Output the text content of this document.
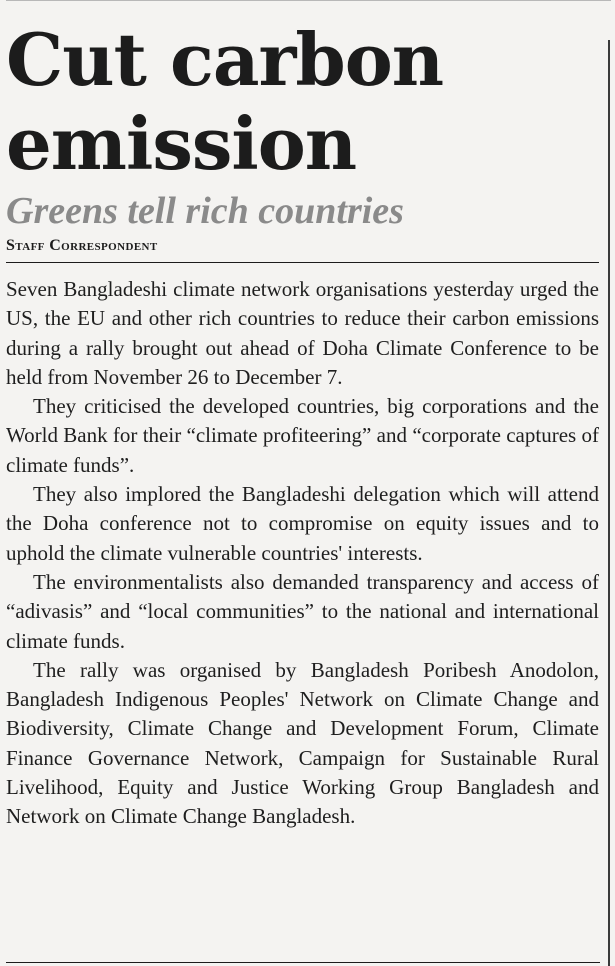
Cut carbon emission
Greens tell rich countries
Staff Correspondent

Seven Bangladeshi climate network organisations yesterday urged the US, the EU and other rich countries to reduce their carbon emissions during a rally brought out ahead of Doha Climate Conference to be held from November 26 to December 7.

They criticised the developed countries, big corporations and the World Bank for their “climate profiteering” and “corporate captures of climate funds”.

They also implored the Bangladeshi delegation which will attend the Doha conference not to compromise on equity issues and to uphold the climate vulnerable countries' interests.

The environmentalists also demanded transparency and access of “adivasis” and “local communities” to the national and international climate funds.

The rally was organised by Bangladesh Poribesh Anodolon, Bangladesh Indigenous Peoples' Network on Climate Change and Biodiversity, Climate Change and Development Forum, Climate Finance Governance Network, Campaign for Sustainable Rural Livelihood, Equity and Justice Working Group Bangladesh and Network on Climate Change Bangladesh.
